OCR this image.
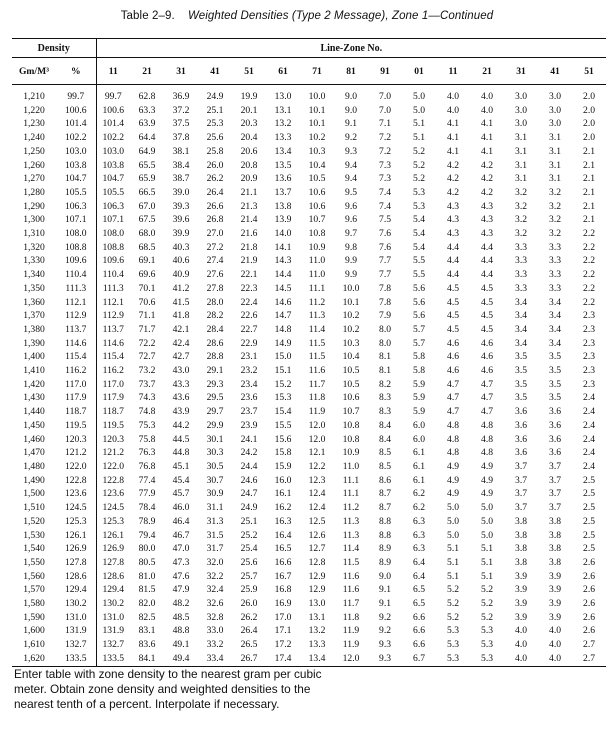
Table 2–9. Weighted Densities (Type 2 Message), Zone 1—Continued
Density		Line-Zone No.														
Gm/M³	%	11	21	31	41	51	61	71	81	91	01	11	21	31	41	51
1,210	99.7	99.7	62.8	36.9	24.9	19.9	13.0	10.0	9.0	7.0	5.0	4.0	4.0	3.0	3.0	2.0
1,220	100.6	100.6	63.3	37.2	25.1	20.1	13.1	10.1	9.0	7.0	5.0	4.0	4.0	3.0	3.0	2.0
1,230	101.4	101.4	63.9	37.5	25.3	20.3	13.2	10.1	9.1	7.1	5.1	4.1	4.1	3.0	3.0	2.0
1,240	102.2	102.2	64.4	37.8	25.6	20.4	13.3	10.2	9.2	7.2	5.1	4.1	4.1	3.1	3.1	2.0
1,250	103.0	103.0	64.9	38.1	25.8	20.6	13.4	10.3	9.3	7.2	5.2	4.1	4.1	3.1	3.1	2.1
1,260	103.8	103.8	65.5	38.4	26.0	20.8	13.5	10.4	9.4	7.3	5.2	4.2	4.2	3.1	3.1	2.1
1,270	104.7	104.7	65.9	38.7	26.2	20.9	13.6	10.5	9.4	7.3	5.2	4.2	4.2	3.1	3.1	2.1
1,280	105.5	105.5	66.5	39.0	26.4	21.1	13.7	10.6	9.5	7.4	5.3	4.2	4.2	3.2	3.2	2.1
1,290	106.3	106.3	67.0	39.3	26.6	21.3	13.8	10.6	9.6	7.4	5.3	4.3	4.3	3.2	3.2	2.1
1,300	107.1	107.1	67.5	39.6	26.8	21.4	13.9	10.7	9.6	7.5	5.4	4.3	4.3	3.2	3.2	2.1
1,310	108.0	108.0	68.0	39.9	27.0	21.6	14.0	10.8	9.7	7.6	5.4	4.3	4.3	3.2	3.2	2.2
1,320	108.8	108.8	68.5	40.3	27.2	21.8	14.1	10.9	9.8	7.6	5.4	4.4	4.4	3.3	3.3	2.2
1,330	109.6	109.6	69.1	40.6	27.4	21.9	14.3	11.0	9.9	7.7	5.5	4.4	4.4	3.3	3.3	2.2
1,340	110.4	110.4	69.6	40.9	27.6	22.1	14.4	11.0	9.9	7.7	5.5	4.4	4.4	3.3	3.3	2.2
1,350	111.3	111.3	70.1	41.2	27.8	22.3	14.5	11.1	10.0	7.8	5.6	4.5	4.5	3.3	3.3	2.2
1,360	112.1	112.1	70.6	41.5	28.0	22.4	14.6	11.2	10.1	7.8	5.6	4.5	4.5	3.4	3.4	2.2
1,370	112.9	112.9	71.1	41.8	28.2	22.6	14.7	11.3	10.2	7.9	5.6	4.5	4.5	3.4	3.4	2.3
1,380	113.7	113.7	71.7	42.1	28.4	22.7	14.8	11.4	10.2	8.0	5.7	4.5	4.5	3.4	3.4	2.3
1,390	114.6	114.6	72.2	42.4	28.6	22.9	14.9	11.5	10.3	8.0	5.7	4.6	4.6	3.4	3.4	2.3
1,400	115.4	115.4	72.7	42.7	28.8	23.1	15.0	11.5	10.4	8.1	5.8	4.6	4.6	3.5	3.5	2.3
1,410	116.2	116.2	73.2	43.0	29.1	23.2	15.1	11.6	10.5	8.1	5.8	4.6	4.6	3.5	3.5	2.3
1,420	117.0	117.0	73.7	43.3	29.3	23.4	15.2	11.7	10.5	8.2	5.9	4.7	4.7	3.5	3.5	2.3
1,430	117.9	117.9	74.3	43.6	29.5	23.6	15.3	11.8	10.6	8.3	5.9	4.7	4.7	3.5	3.5	2.4
1,440	118.7	118.7	74.8	43.9	29.7	23.7	15.4	11.9	10.7	8.3	5.9	4.7	4.7	3.6	3.6	2.4
1,450	119.5	119.5	75.3	44.2	29.9	23.9	15.5	12.0	10.8	8.4	6.0	4.8	4.8	3.6	3.6	2.4
1,460	120.3	120.3	75.8	44.5	30.1	24.1	15.6	12.0	10.8	8.4	6.0	4.8	4.8	3.6	3.6	2.4
1,470	121.2	121.2	76.3	44.8	30.3	24.2	15.8	12.1	10.9	8.5	6.1	4.8	4.8	3.6	3.6	2.4
1,480	122.0	122.0	76.8	45.1	30.5	24.4	15.9	12.2	11.0	8.5	6.1	4.9	4.9	3.7	3.7	2.4
1,490	122.8	122.8	77.4	45.4	30.7	24.6	16.0	12.3	11.1	8.6	6.1	4.9	4.9	3.7	3.7	2.5
1,500	123.6	123.6	77.9	45.7	30.9	24.7	16.1	12.4	11.1	8.7	6.2	4.9	4.9	3.7	3.7	2.5
1,510	124.5	124.5	78.4	46.0	31.1	24.9	16.2	12.4	11.2	8.7	6.2	5.0	5.0	3.7	3.7	2.5
1,520	125.3	125.3	78.9	46.4	31.3	25.1	16.3	12.5	11.3	8.8	6.3	5.0	5.0	3.8	3.8	2.5
1,530	126.1	126.1	79.4	46.7	31.5	25.2	16.4	12.6	11.3	8.8	6.3	5.0	5.0	3.8	3.8	2.5
1,540	126.9	126.9	80.0	47.0	31.7	25.4	16.5	12.7	11.4	8.9	6.3	5.1	5.1	3.8	3.8	2.5
1,550	127.8	127.8	80.5	47.3	32.0	25.6	16.6	12.8	11.5	8.9	6.4	5.1	5.1	3.8	3.8	2.6
1,560	128.6	128.6	81.0	47.6	32.2	25.7	16.7	12.9	11.6	9.0	6.4	5.1	5.1	3.9	3.9	2.6
1,570	129.4	129.4	81.5	47.9	32.4	25.9	16.8	12.9	11.6	9.1	6.5	5.2	5.2	3.9	3.9	2.6
1,580	130.2	130.2	82.0	48.2	32.6	26.0	16.9	13.0	11.7	9.1	6.5	5.2	5.2	3.9	3.9	2.6
1,590	131.0	131.0	82.5	48.5	32.8	26.2	17.0	13.1	11.8	9.2	6.6	5.2	5.2	3.9	3.9	2.6
1,600	131.9	131.9	83.1	48.8	33.0	26.4	17.1	13.2	11.9	9.2	6.6	5.3	5.3	4.0	4.0	2.6
1,610	132.7	132.7	83.6	49.1	33.2	26.5	17.2	13.3	11.9	9.3	6.6	5.3	5.3	4.0	4.0	2.7
1,620	133.5	133.5	84.1	49.4	33.4	26.7	17.4	13.4	12.0	9.3	6.7	5.3	5.3	4.0	4.0	2.7
Enter table with zone density to the nearest gram per cubic meter. Obtain zone density and weighted densities to the nearest tenth of a percent. Interpolate if necessary.
